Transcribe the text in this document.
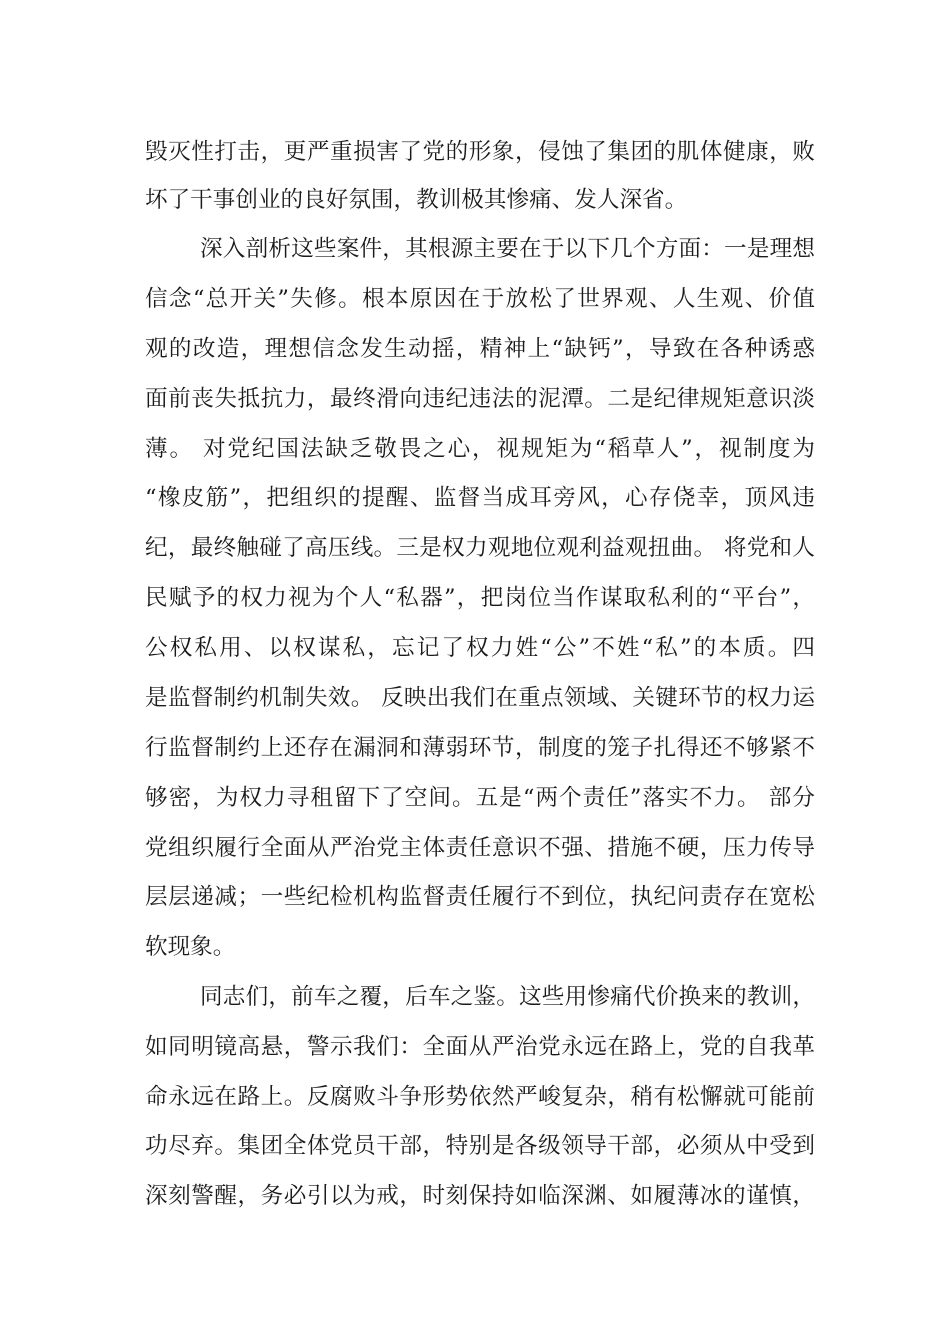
毁灭性打击，更严重损害了党的形象，侵蚀了集团的肌体健康，败
坏了干事创业的良好氛围，教训极其惨痛、发人深省。
深入剖析这些案件，其根源主要在于以下几个方面：一是理想
信念“总开关”失修。根本原因在于放松了世界观、人生观、价值
观的改造，理想信念发生动摇，精神上“缺钙”，导致在各种诱惑
面前丧失抵抗力，最终滑向违纪违法的泥潭。二是纪律规矩意识淡
薄。 对党纪国法缺乏敬畏之心，视规矩为“稻草人”，视制度为
“橡皮筋”，把组织的提醒、监督当成耳旁风，心存侥幸，顶风违
纪，最终触碰了高压线。三是权力观地位观利益观扭曲。 将党和人
民赋予的权力视为个人“私器”，把岗位当作谋取私利的“平台”，
公权私用、以权谋私，忘记了权力姓“公”不姓“私”的本质。四
是监督制约机制失效。 反映出我们在重点领域、关键环节的权力运
行监督制约上还存在漏洞和薄弱环节，制度的笼子扎得还不够紧不
够密，为权力寻租留下了空间。五是“两个责任”落实不力。 部分
党组织履行全面从严治党主体责任意识不强、措施不硬，压力传导
层层递减；一些纪检机构监督责任履行不到位，执纪问责存在宽松
软现象。
同志们，前车之覆，后车之鉴。这些用惨痛代价换来的教训，
如同明镜高悬，警示我们：全面从严治党永远在路上，党的自我革
命永远在路上。反腐败斗争形势依然严峻复杂，稍有松懈就可能前
功尽弃。集团全体党员干部，特别是各级领导干部，必须从中受到
深刻警醒，务必引以为戒，时刻保持如临深渊、如履薄冰的谨慎，
